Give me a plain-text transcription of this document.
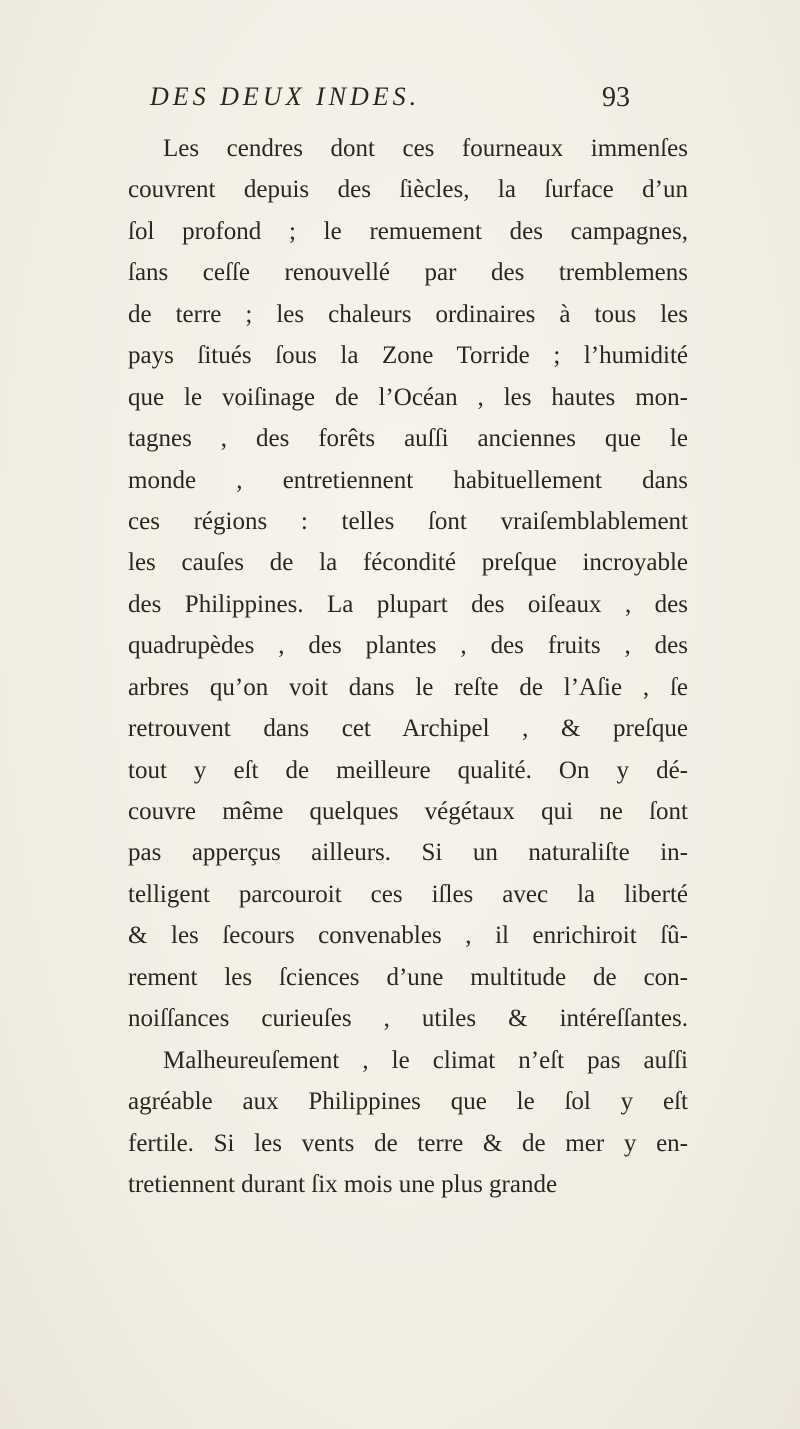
DES DEUX INDES.	93
Les cendres dont ces fourneaux immenſes
couvrent depuis des ſiècles, la ſurface d’un
ſol profond ; le remuement des campagnes,
ſans ceſſe renouvellé par des tremblemens
de terre ; les chaleurs ordinaires à tous les
pays ſitués ſous la Zone Torride ; l’humidité
que le voiſinage de l’Océan , les hautes mon-
tagnes , des forêts auſſi anciennes que le
monde , entretiennent habituellement dans
ces régions : telles ſont vraiſemblablement
les cauſes de la fécondité preſque incroyable
des Philippines. La plupart des oiſeaux , des
quadrupèdes , des plantes , des fruits , des
arbres qu’on voit dans le reſte de l’Aſie , ſe
retrouvent dans cet Archipel , & preſque
tout y eſt de meilleure qualité. On y dé-
couvre même quelques végétaux qui ne ſont
pas apperçus ailleurs. Si un naturaliſte in-
telligent parcouroit ces iſles avec la liberté
& les ſecours convenables , il enrichiroit ſû-
rement les ſciences d’une multitude de con-
noiſſances curieuſes , utiles & intéreſſantes.
Malheureuſement , le climat n’eſt pas auſſi
agréable aux Philippines que le ſol y eſt
fertile. Si les vents de terre & de mer y en-
tretiennent durant ſix mois une plus grande
